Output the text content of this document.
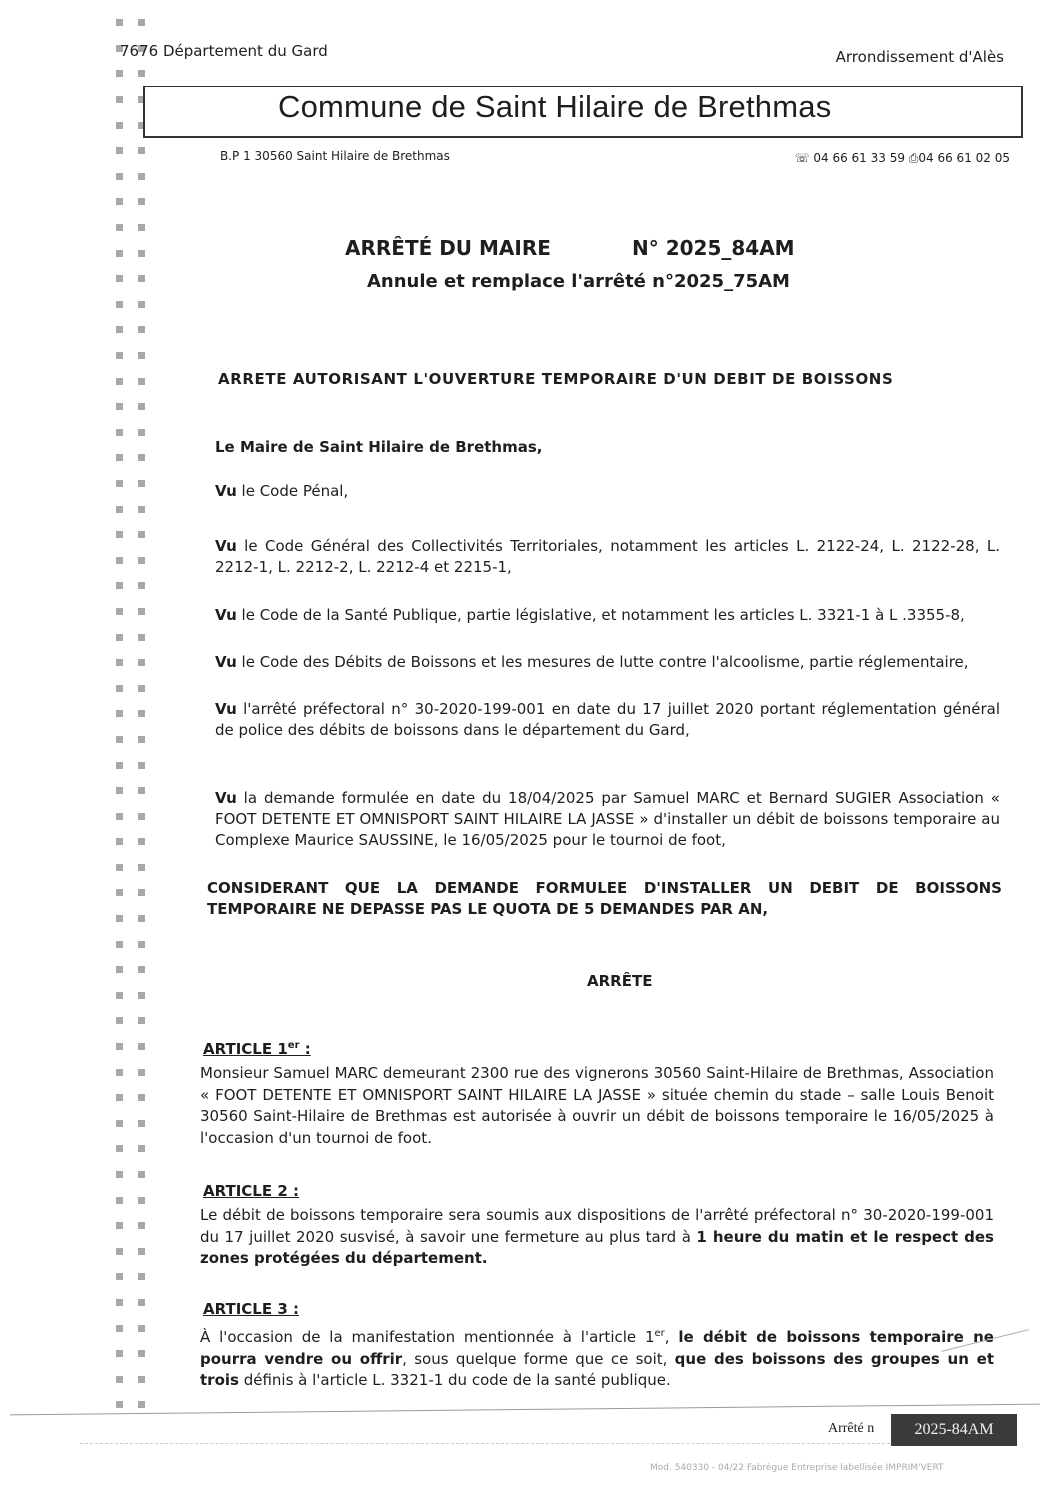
7676 Département du Gard	Arrondissement d'Alès
Commune de Saint Hilaire de Brethmas
B.P 1 30560 Saint Hilaire de Brethmas	☏ 04 66 61 33 59 ⎙04 66 61 02 05
ARRÊTÉ DU MAIRE	N° 2025_84AM
Annule et remplace l'arrêté n°2025_75AM
ARRETE AUTORISANT L'OUVERTURE TEMPORAIRE D'UN DEBIT DE BOISSONS
Le Maire de Saint Hilaire de Brethmas,
Vu le Code Pénal,
Vu le Code Général des Collectivités Territoriales, notamment les articles L. 2122-24, L. 2122-28, L. 2212-1, L. 2212-2, L. 2212-4 et 2215-1,
Vu le Code de la Santé Publique, partie législative, et notamment les articles L. 3321-1 à L .3355-8,
Vu le Code des Débits de Boissons et les mesures de lutte contre l'alcoolisme, partie réglementaire,
Vu l'arrêté préfectoral n° 30-2020-199-001 en date du 17 juillet 2020 portant réglementation général de police des débits de boissons dans le département du Gard,
Vu la demande formulée en date du 18/04/2025 par Samuel MARC et Bernard SUGIER Association « FOOT DETENTE ET OMNISPORT SAINT HILAIRE LA JASSE » d'installer un débit de boissons temporaire au Complexe Maurice SAUSSINE, le 16/05/2025 pour le tournoi de foot,
CONSIDERANT QUE LA DEMANDE FORMULEE D'INSTALLER UN DEBIT DE BOISSONS TEMPORAIRE NE DEPASSE PAS LE QUOTA DE 5 DEMANDES PAR AN,
ARRÊTE
ARTICLE 1er :
Monsieur Samuel MARC demeurant 2300 rue des vignerons 30560 Saint-Hilaire de Brethmas, Association « FOOT DETENTE ET OMNISPORT SAINT HILAIRE LA JASSE » située chemin du stade – salle Louis Benoit 30560 Saint-Hilaire de Brethmas est autorisée à ouvrir un débit de boissons temporaire le 16/05/2025 à l'occasion d'un tournoi de foot.
ARTICLE 2 :
Le débit de boissons temporaire sera soumis aux dispositions de l'arrêté préfectoral n° 30-2020-199-001 du 17 juillet 2020 susvisé, à savoir une fermeture au plus tard à 1 heure du matin et le respect des zones protégées du département.
ARTICLE 3 :
À l'occasion de la manifestation mentionnée à l'article 1er, le débit de boissons temporaire ne pourra vendre ou offrir, sous quelque forme que ce soit, que des boissons des groupes un et trois définis à l'article L. 3321-1 du code de la santé publique.
Arrêté n	2025-84AM
Mod. 540330 - 04/22 Fabrègue Entreprise labellisée IMPRIM'VERT
